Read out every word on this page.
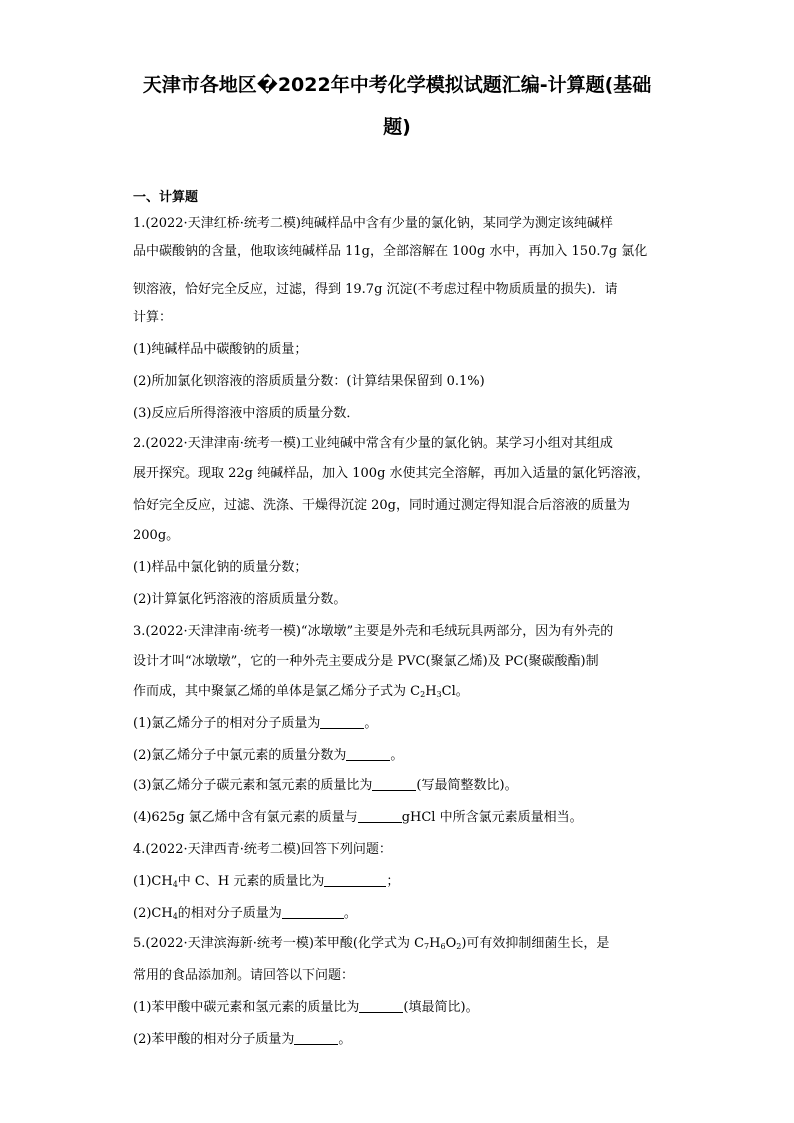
天津市各地区�2022年中考化学模拟试题汇编-计算题(基础
题)
一、计算题
1.(2022·天津红桥·统考二模)纯碱样品中含有少量的氯化钠，某同学为测定该纯碱样
品中碳酸钠的含量，他取该纯碱样品 11g，全部溶解在 100g 水中，再加入 150.7g 氯化
钡溶液，恰好完全反应，过滤，得到 19.7g 沉淀(不考虑过程中物质质量的损失)．请
计算：
(1)纯碱样品中碳酸钠的质量；
(2)所加氯化钡溶液的溶质质量分数：(计算结果保留到 0.1%)
(3)反应后所得溶液中溶质的质量分数．
2.(2022·天津津南·统考一模)工业纯碱中常含有少量的氯化钠。某学习小组对其组成
展开探究。现取 22g 纯碱样品，加入 100g 水使其完全溶解，再加入适量的氯化钙溶液，
恰好完全反应，过滤、洗涤、干燥得沉淀 20g，同时通过测定得知混合后溶液的质量为
200g。
(1)样品中氯化钠的质量分数；
(2)计算氯化钙溶液的溶质质量分数。
3.(2022·天津津南·统考一模)“冰墩墩”主要是外壳和毛绒玩具两部分，因为有外壳的
设计才叫“冰墩墩”，它的一种外壳主要成分是 PVC(聚氯乙烯)及 PC(聚碳酸酯)制
作而成，其中聚氯乙烯的单体是氯乙烯分子式为 $C_2H_3Cl$。
(1)氯乙烯分子的相对分子质量为	。
(2)氯乙烯分子中氯元素的质量分数为	。
(3)氯乙烯分子碳元素和氢元素的质量比为	(写最简整数比)。
(4)625g 氯乙烯中含有氯元素的质量与	gHCl 中所含氯元素质量相当。
4.(2022·天津西青·统考二模)回答下列问题：
$(1)CH_4$中 C、H 元素的质量比为	；
$(2)CH_4$的相对分子质量为	。
5.(2022·天津滨海新·统考一模)苯甲酸(化学式为 $C_7H_6O_2$)可有效抑制细菌生长，是
常用的食品添加剂。请回答以下问题：
(1)苯甲酸中碳元素和氢元素的质量比为	(填最简比)。
(2)苯甲酸的相对分子质量为	。
